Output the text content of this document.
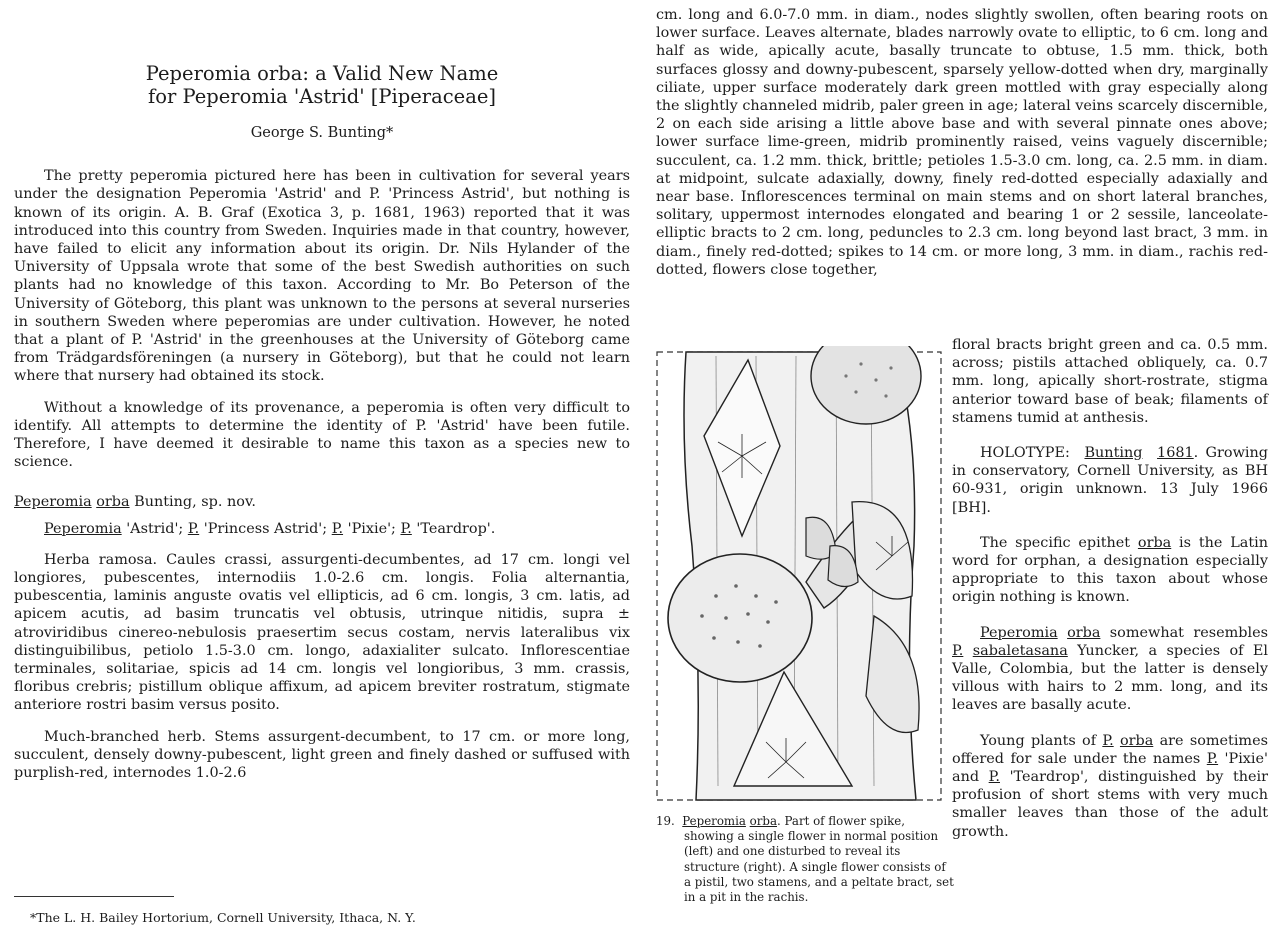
Peperomia orba: a Valid New Name
for Peperomia 'Astrid' [Piperaceae]
George S. Bunting*

The pretty peperomia pictured here has been in cultivation for several years under the designation Peperomia 'Astrid' and P. 'Princess Astrid', but nothing is known of its origin. A. B. Graf (Exotica 3, p. 1681, 1963) reported that it was introduced into this country from Sweden. Inquiries made in that country, however, have failed to elicit any information about its origin. Dr. Nils Hylander of the University of Uppsala wrote that some of the best Swedish authorities on such plants had no knowledge of this taxon. According to Mr. Bo Peterson of the University of Göteborg, this plant was unknown to the persons at several nurseries in southern Sweden where peperomias are under cultivation. However, he noted that a plant of P. 'Astrid' in the greenhouses at the University of Göteborg came from Trädgardsföreningen (a nursery in Göteborg), but that he could not learn where that nursery had obtained its stock.

Without a knowledge of its provenance, a peperomia is often very difficult to identify. All attempts to determine the identity of P. 'Astrid' have been futile. Therefore, I have deemed it desirable to name this taxon as a species new to science.

Peperomia orba Bunting, sp. nov.

Peperomia 'Astrid'; P. 'Princess Astrid'; P. 'Pixie'; P. 'Teardrop'.

Herba ramosa. Caules crassi, assurgenti-decumbentes, ad 17 cm. longi vel longiores, pubescentes, internodiis 1.0-2.6 cm. longis. Folia alternantia, pubescentia, laminis anguste ovatis vel ellipticis, ad 6 cm. longis, 3 cm. latis, ad apicem acutis, ad basim truncatis vel obtusis, utrinque nitidis, supra ± atroviridibus cinereo-nebulosis praesertim secus costam, nervis lateralibus vix distinguibilibus, petiolo 1.5-3.0 cm. longo, adaxialiter sulcato. Inflorescentiae terminales, solitariae, spicis ad 14 cm. longis vel longioribus, 3 mm. crassis, floribus crebris; pistillum oblique affixum, ad apicem breviter rostratum, stigmate anteriore rostri basim versus posito.

Much-branched herb. Stems assurgent-decumbent, to 17 cm. or more long, succulent, densely downy-pubescent, light green and finely dashed or suffused with purplish-red, internodes 1.0-2.6

*The L. H. Bailey Hortorium, Cornell University, Ithaca, N. Y.

cm. long and 6.0-7.0 mm. in diam., nodes slightly swollen, often bearing roots on lower surface. Leaves alternate, blades narrowly ovate to elliptic, to 6 cm. long and half as wide, apically acute, basally truncate to obtuse, 1.5 mm. thick, both surfaces glossy and downy-pubescent, sparsely yellow-dotted when dry, marginally ciliate, upper surface moderately dark green mottled with gray especially along the slightly channeled midrib, paler green in age; lateral veins scarcely discernible, 2 on each side arising a little above base and with several pinnate ones above; lower surface lime-green, midrib prominently raised, veins vaguely discernible; succulent, ca. 1.2 mm. thick, brittle; petioles 1.5-3.0 cm. long, ca. 2.5 mm. in diam. at midpoint, sulcate adaxially, downy, finely red-dotted especially adaxially and near base. Inflorescences terminal on main stems and on short lateral branches, solitary, uppermost internodes elongated and bearing 1 or 2 sessile, lanceolate-elliptic bracts to 2 cm. long, peduncles to 2.3 cm. long beyond last bract, 3 mm. in diam., finely red-dotted; spikes to 14 cm. or more long, 3 mm. in diam., rachis red-dotted, flowers close together,

19. Peperomia orba. Part of flower spike, showing a single flower in normal position (left) and one disturbed to reveal its structure (right). A single flower consists of a pistil, two stamens, and a peltate bract, set in a pit in the rachis.

floral bracts bright green and ca. 0.5 mm. across; pistils attached obliquely, ca. 0.7 mm. long, apically short-rostrate, stigma anterior toward base of beak; filaments of stamens tumid at anthesis.

HOLOTYPE: Bunting 1681. Growing in conservatory, Cornell University, as BH 60-931, origin unknown. 13 July 1966 [BH].

The specific epithet orba is the Latin word for orphan, a designation especially appropriate to this taxon about whose origin nothing is known.

Peperomia orba somewhat resembles P. sabaletasana Yuncker, a species of El Valle, Colombia, but the latter is densely villous with hairs to 2 mm. long, and its leaves are basally acute.

Young plants of P. orba are sometimes offered for sale under the names P. 'Pixie' and P. 'Teardrop', distinguished by their profusion of short stems with very much smaller leaves than those of the adult growth.
